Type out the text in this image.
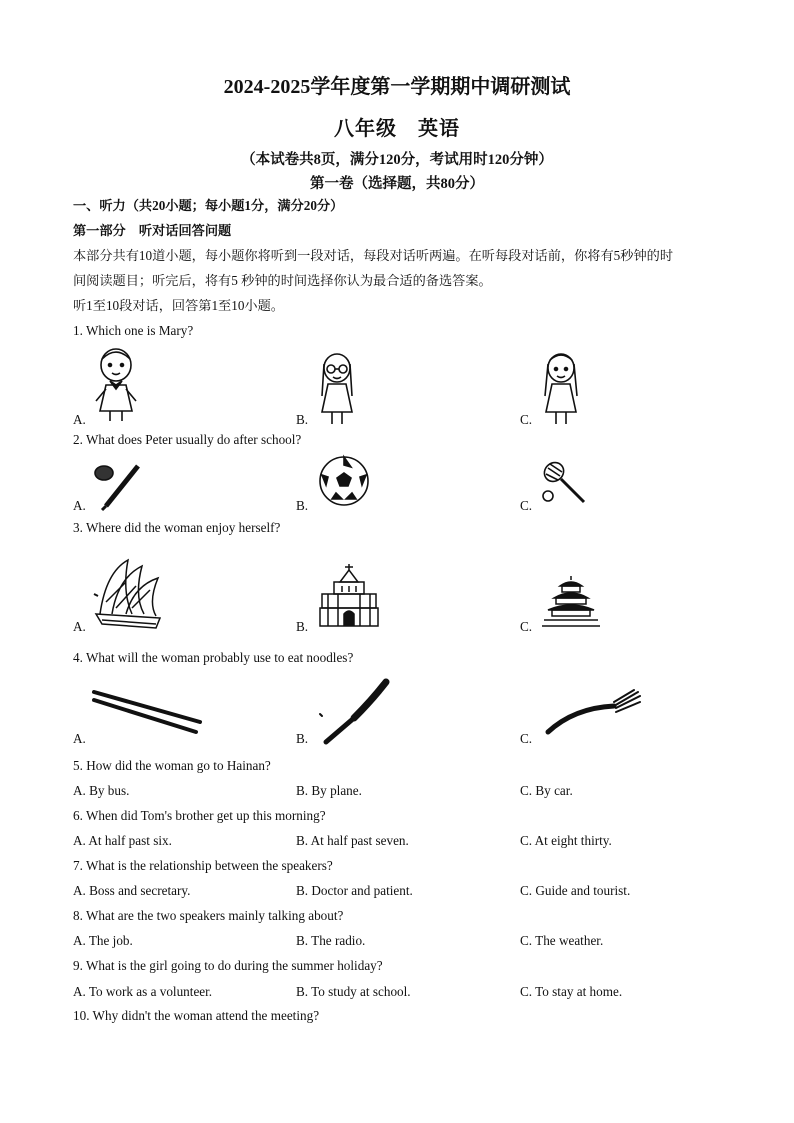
2024-2025学年度第一学期期中调研测试
八年级　英语
（本试卷共8页，满分120分，考试用时120分钟）
第一卷（选择题，共80分）
一、听力（共20小题；每小题1分，满分20分）
第一部分　听对话回答问题
本部分共有10道小题，每小题你将听到一段对话，每段对话听两遍。在听每段对话前，你将有5秒钟的时
间阅读题目；听完后，将有5 秒钟的时间选择你认为最合适的备选答案。
听1至10段对话，回答第1至10小题。
1. Which one is Mary?
A.	B.	C.
2. What does Peter usually do after school?
A.	B.	C.
3. Where did the woman enjoy herself?
A.	B.	C.
4. What will the woman probably use to eat noodles?
A.	B.	C.
5. How did the woman go to Hainan?
A. By bus.	B. By plane.	C. By car.
6. When did Tom's brother get up this morning?
A. At half past six.	B. At half past seven.	C. At eight thirty.
7. What is the relationship between the speakers?
A. Boss and secretary.	B. Doctor and patient.	C. Guide and tourist.
8. What are the two speakers mainly talking about?
A. The job.	B. The radio.	C. The weather.
9. What is the girl going to do during the summer holiday?
A. To work as a volunteer.	B. To study at school.	C. To stay at home.
10. Why didn't the woman attend the meeting?
